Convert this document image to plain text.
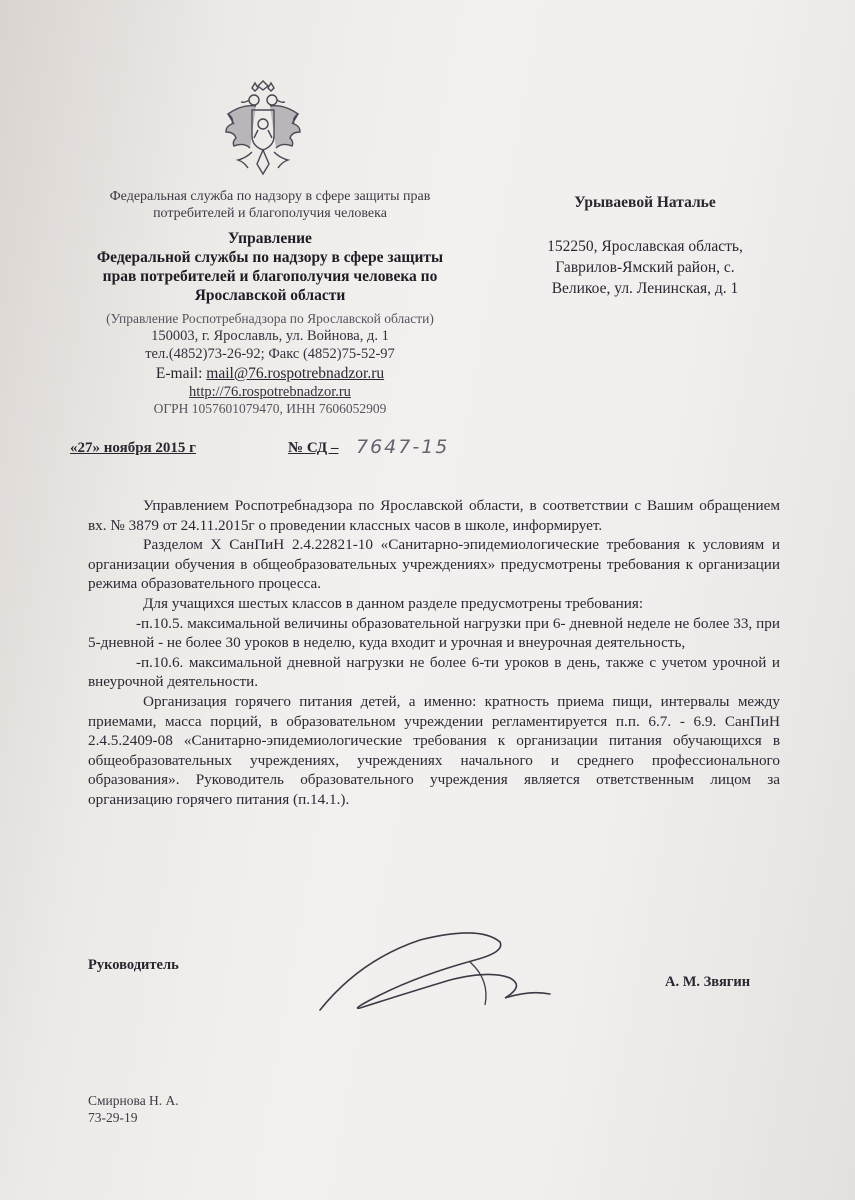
Федеральная служба по надзору в сфере защиты прав
потребителей и благополучия человека
Управление
Федеральной службы по надзору в сфере защиты
прав потребителей и благополучия человека по
Ярославской области
(Управление Роспотребнадзора по Ярославской области)
150003, г. Ярославль, ул. Войнова, д. 1
тел.(4852)73-26-92; Факс (4852)75-52-97
E-mail: mail@76.rospotrebnadzor.ru
http://76.rospotrebnadzor.ru
ОГРН 1057601079470, ИНН 7606052909
Урываевой Наталье
152250, Ярославская область,
Гаврилов-Ямский район, с.
Великое, ул. Ленинская, д. 1
«27» ноября 2015 г	№ СД – 7647-15

Управлением Роспотребнадзора по Ярославской области, в соответствии с Вашим обращением вх. № 3879 от 24.11.2015г о проведении классных часов в школе, информирует.

Разделом Х СанПиН 2.4.22821-10 «Санитарно-эпидемиологические требования к условиям и организации обучения в общеобразовательных учреждениях» предусмотрены требования к организации режима образовательного процесса.

Для учащихся шестых классов в данном разделе предусмотрены требования:

-п.10.5. максимальной величины образовательной нагрузки при 6- дневной неделе не более 33, при 5-дневной - не более 30 уроков в неделю, куда входит и урочная и внеурочная деятельность,

-п.10.6. максимальной дневной нагрузки не более 6-ти уроков в день, также с учетом урочной и внеурочной деятельности.

Организация горячего питания детей, а именно: кратность приема пищи, интервалы между приемами, масса порций, в образовательном учреждении регламентируется п.п. 6.7. - 6.9. СанПиН 2.4.5.2409-08 «Санитарно-эпидемиологические требования к организации питания обучающихся в общеобразовательных учреждениях, учреждениях начального и среднего профессионального образования». Руководитель образовательного учреждения является ответственным лицом за организацию горячего питания (п.14.1.).

Руководитель
А. М. Звягин
Смирнова Н. А.
73-29-19
